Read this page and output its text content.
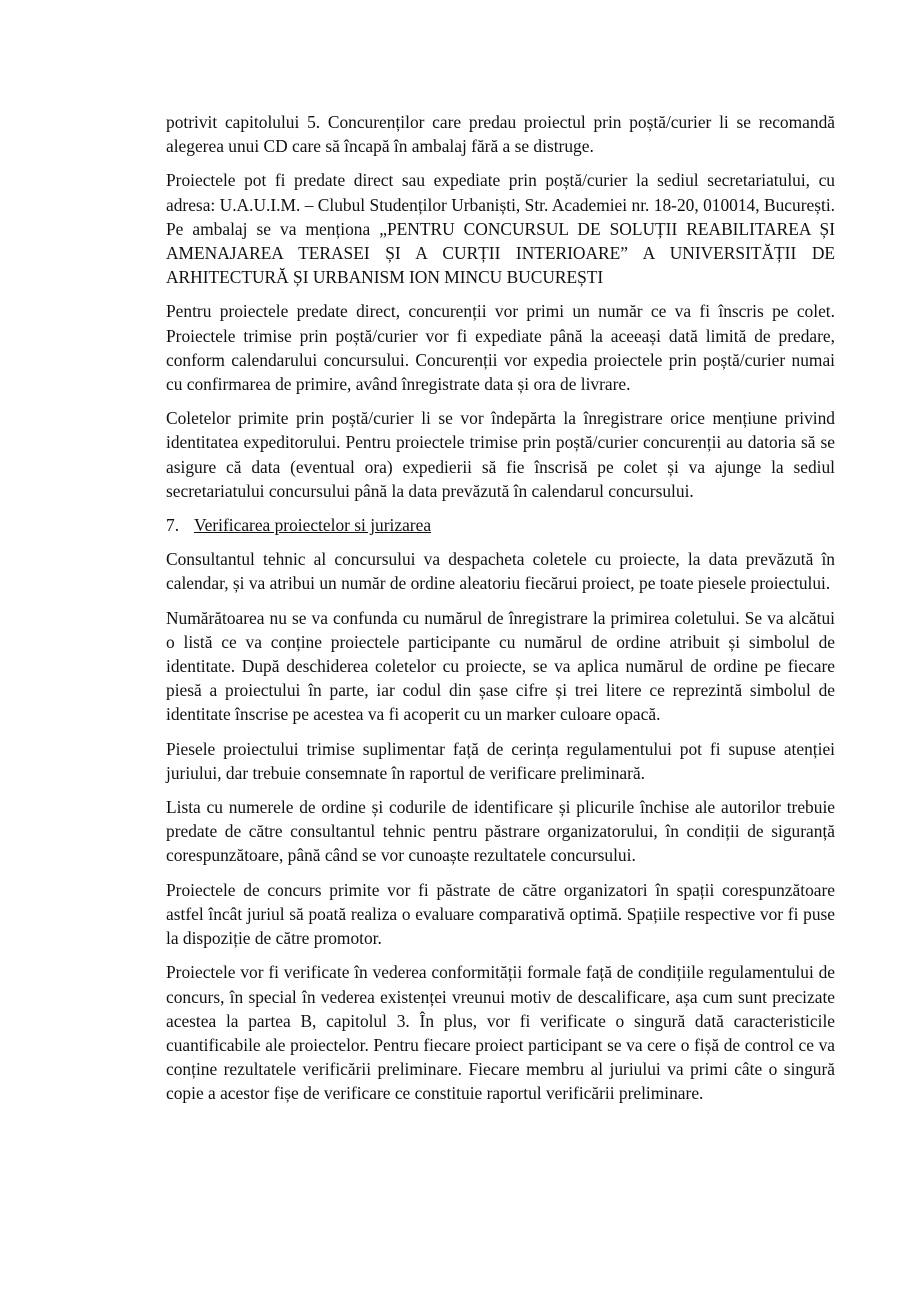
potrivit capitolului 5. Concurenților care predau proiectul prin poștă/curier li se recomandă alegerea unui CD care să încapă în ambalaj fără a se distruge.

Proiectele pot fi predate direct sau expediate prin poștă/curier la sediul secretariatului, cu adresa: U.A.U.I.M. – Clubul Studenților Urbaniști, Str. Academiei nr. 18-20, 010014, București. Pe ambalaj se va menționa „PENTRU CONCURSUL DE SOLUȚII REABILITAREA ȘI AMENAJAREA TERASEI ȘI A CURȚII INTERIOARE” A UNIVERSITĂȚII DE ARHITECTURĂ ȘI URBANISM ION MINCU BUCUREȘTI

Pentru proiectele predate direct, concurenții vor primi un număr ce va fi înscris pe colet. Proiectele trimise prin poștă/curier vor fi expediate până la aceeași dată limită de predare, conform calendarului concursului. Concurenții vor expedia proiectele prin poștă/curier numai cu confirmarea de primire, având înregistrate data și ora de livrare.

Coletelor primite prin poștă/curier li se vor îndepărta la înregistrare orice mențiune privind identitatea expeditorului. Pentru proiectele trimise prin poștă/curier concurenții au datoria să se asigure că data (eventual ora) expedierii să fie înscrisă pe colet și va ajunge la sediul secretariatului concursului până la data prevăzută în calendarul concursului.

7. Verificarea proiectelor si jurizarea

Consultantul tehnic al concursului va despacheta coletele cu proiecte, la data prevăzută în calendar, și va atribui un număr de ordine aleatoriu fiecărui proiect, pe toate piesele proiectului.

Numărătoarea nu se va confunda cu numărul de înregistrare la primirea coletului. Se va alcătui o listă ce va conține proiectele participante cu numărul de ordine atribuit și simbolul de identitate. După deschiderea coletelor cu proiecte, se va aplica numărul de ordine pe fiecare piesă a proiectului în parte, iar codul din șase cifre și trei litere ce reprezintă simbolul de identitate înscrise pe acestea va fi acoperit cu un marker culoare opacă.

Piesele proiectului trimise suplimentar față de cerința regulamentului pot fi supuse atenției juriului, dar trebuie consemnate în raportul de verificare preliminară.

Lista cu numerele de ordine și codurile de identificare și plicurile închise ale autorilor trebuie predate de către consultantul tehnic pentru păstrare organizatorului, în condiții de siguranță corespunzătoare, până când se vor cunoaște rezultatele concursului.

Proiectele de concurs primite vor fi păstrate de către organizatori în spații corespunzătoare astfel încât juriul să poată realiza o evaluare comparativă optimă. Spațiile respective vor fi puse la dispoziție de către promotor.

Proiectele vor fi verificate în vederea conformității formale față de condițiile regulamentului de concurs, în special în vederea existenței vreunui motiv de descalificare, așa cum sunt precizate acestea la partea B, capitolul 3. În plus, vor fi verificate o singură dată caracteristicile cuantificabile ale proiectelor. Pentru fiecare proiect participant se va cere o fișă de control ce va conține rezultatele verificării preliminare. Fiecare membru al juriului va primi câte o singură copie a acestor fișe de verificare ce constituie raportul verificării preliminare.
